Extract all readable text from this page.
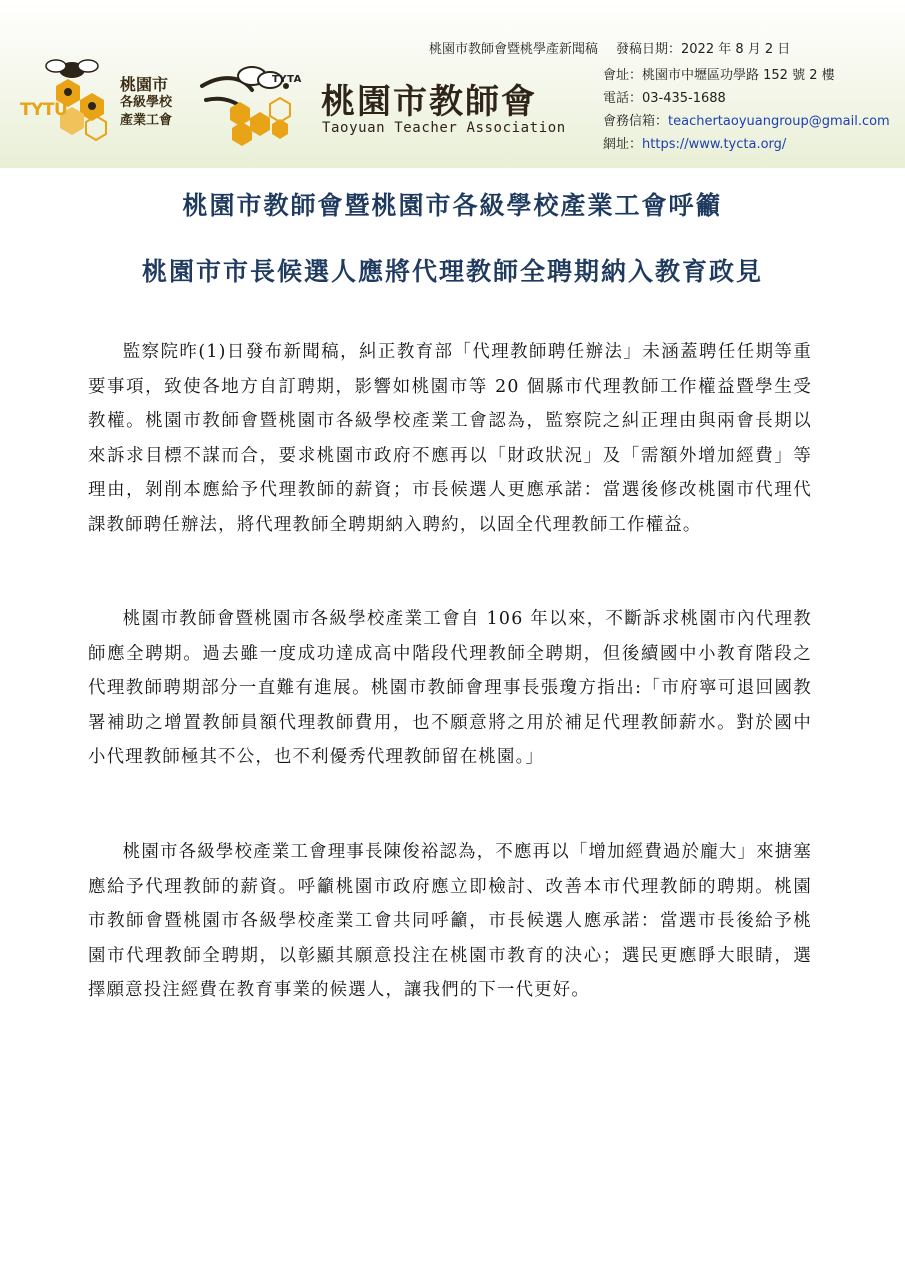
桃園市教師會暨桃學產新聞稿 發稿日期：2022 年 8 月 2 日
TYTU
桃園市
各級學校
產業工會
TYTA
桃園市教師會
Taoyuan Teacher Association
會址：桃園市中壢區功學路 152 號 2 樓
電話：03-435-1688
會務信箱：teachertaoyuangroup@gmail.com
網址：https://www.tycta.org/
桃園市教師會暨桃園市各級學校產業工會呼籲
桃園市市長候選人應將代理教師全聘期納入教育政見

監察院昨(1)日發布新聞稿，糾正教育部「代理教師聘任辦法」未涵蓋聘任任期等重要事項，致使各地方自訂聘期，影響如桃園市等 20 個縣市代理教師工作權益暨學生受教權。桃園市教師會暨桃園市各級學校產業工會認為，監察院之糾正理由與兩會長期以來訴求目標不謀而合，要求桃園市政府不應再以「財政狀況」及「需額外增加經費」等理由，剝削本應給予代理教師的薪資；市長候選人更應承諾：當選後修改桃園市代理代課教師聘任辦法，將代理教師全聘期納入聘約，以固全代理教師工作權益。

桃園市教師會暨桃園市各級學校產業工會自 106 年以來，不斷訴求桃園市內代理教師應全聘期。過去雖一度成功達成高中階段代理教師全聘期，但後續國中小教育階段之代理教師聘期部分一直難有進展。桃園市教師會理事長張瓊方指出:「市府寧可退回國教署補助之增置教師員額代理教師費用，也不願意將之用於補足代理教師薪水。對於國中小代理教師極其不公，也不利優秀代理教師留在桃園。」

桃園市各級學校產業工會理事長陳俊裕認為，不應再以「增加經費過於龐大」來搪塞應給予代理教師的薪資。呼籲桃園市政府應立即檢討、改善本市代理教師的聘期。桃園市教師會暨桃園市各級學校產業工會共同呼籲，市長候選人應承諾：當選市長後給予桃園市代理教師全聘期，以彰顯其願意投注在桃園市教育的決心；選民更應睜大眼睛，選擇願意投注經費在教育事業的候選人，讓我們的下一代更好。
